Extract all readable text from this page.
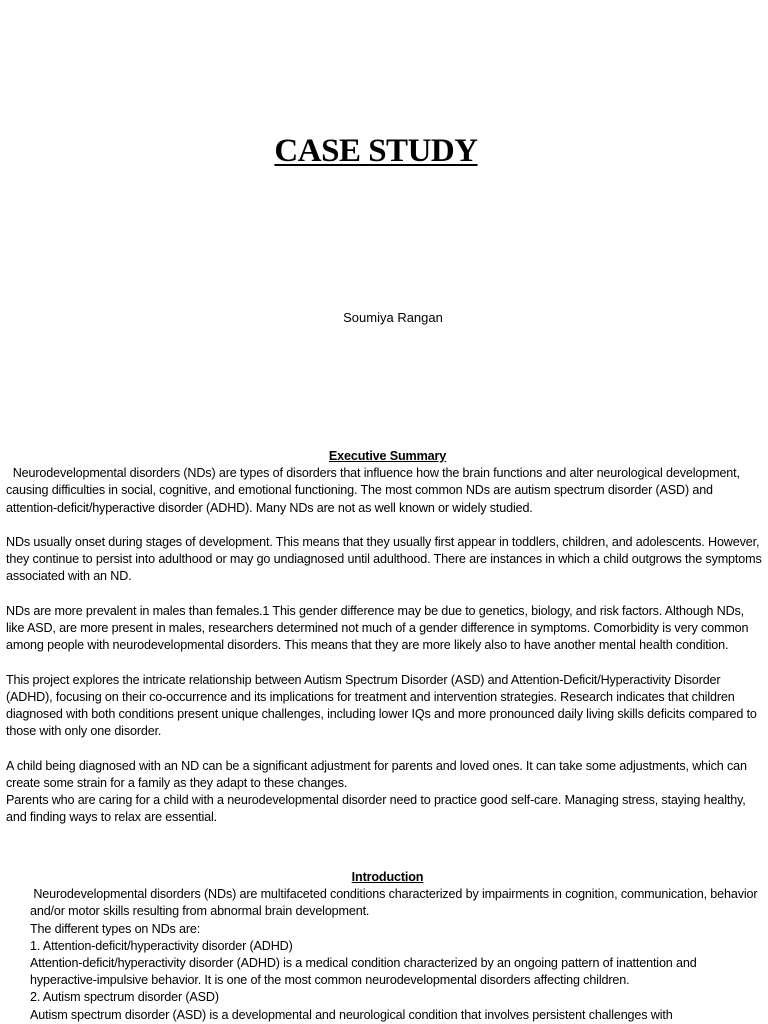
CASE STUDY

Soumiya Rangan

Executive Summary

Neurodevelopmental disorders (NDs) are types of disorders that influence how the brain functions and alter neurological development, causing difficulties in social, cognitive, and emotional functioning. The most common NDs are autism spectrum disorder (ASD) and attention-deficit/hyperactive disorder (ADHD). Many NDs are not as well known or widely studied.

NDs usually onset during stages of development. This means that they usually first appear in toddlers, children, and adolescents. However, they continue to persist into adulthood or may go undiagnosed until adulthood. There are instances in which a child outgrows the symptoms associated with an ND.

NDs are more prevalent in males than females.1 This gender difference may be due to genetics, biology, and risk factors. Although NDs, like ASD, are more present in males, researchers determined not much of a gender difference in symptoms. Comorbidity is very common among people with neurodevelopmental disorders. This means that they are more likely also to have another mental health condition.

This project explores the intricate relationship between Autism Spectrum Disorder (ASD) and Attention-Deficit/Hyperactivity Disorder (ADHD), focusing on their co-occurrence and its implications for treatment and intervention strategies. Research indicates that children diagnosed with both conditions present unique challenges, including lower IQs and more pronounced daily living skills deficits compared to those with only one disorder.

A child being diagnosed with an ND can be a significant adjustment for parents and loved ones. It can take some adjustments, which can create some strain for a family as they adapt to these changes.

Parents who are caring for a child with a neurodevelopmental disorder need to practice good self-care. Managing stress, staying healthy, and finding ways to relax are essential.

Introduction

Neurodevelopmental disorders (NDs) are multifaceted conditions characterized by impairments in cognition, communication, behavior and/or motor skills resulting from abnormal brain development.

The different types on NDs are:

1. Attention-deficit/hyperactivity disorder (ADHD)

Attention-deficit/hyperactivity disorder (ADHD) is a medical condition characterized by an ongoing pattern of inattention and hyperactive-impulsive behavior. It is one of the most common neurodevelopmental disorders affecting children.

2. Autism spectrum disorder (ASD)

Autism spectrum disorder (ASD) is a developmental and neurological condition that involves persistent challenges with
